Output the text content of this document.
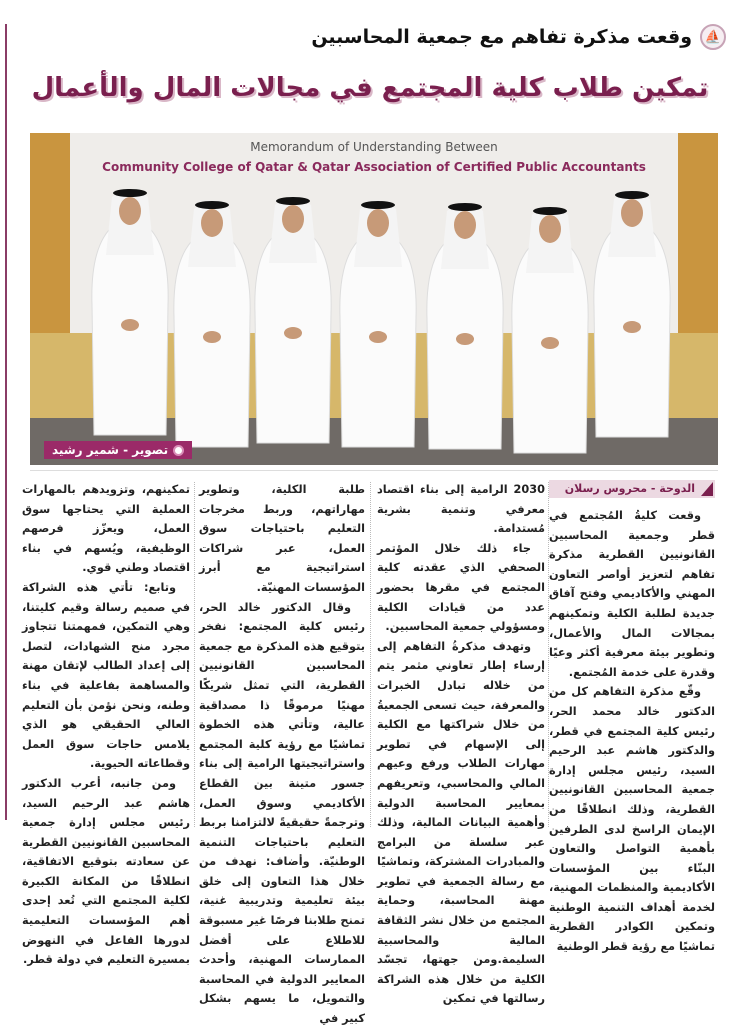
⛵
وقعت مذكرة تفاهم مع جمعية المحاسبين
تمكين طلاب كلية المجتمع في مجالات المال والأعمال
Memorandum of Understanding Between
Community College of Qatar & Qatar Association of Certified Public Accountants
تصوير - شمير رشيد
الدوحة - محروس رسلان

وقعت كليةُ المُجتمع في قطر وجمعية المحاسبين القانونيين القطرية مذكرة تفاهم لتعزيز أواصر التعاون المهني والأكاديمي وفتح آفاق جديدة لطلبة الكلية وتمكينهم بمجالات المال والأعمال، وتطوير بيئة معرفية أكثر وعيًا وقدرة على خدمة المُجتمع.

وقّع مذكرة التفاهم كل من الدكتور خالد محمد الحر، رئيس كلية المجتمع في قطر، والدكتور هاشم عبد الرحيم السيد، رئيس مجلس إدارة جمعية المحاسبين القانونيين القطرية، وذلك انطلاقًا من الإيمان الراسخ لدى الطرفين بأهمية التواصل والتعاون البنّاء بين المؤسسات الأكاديمية والمنظمات المهنية، لخدمة أهداف التنمية الوطنية وتمكين الكوادر القطرية تماشيًا مع رؤية قطر الوطنية

2030 الرامية إلى بناء اقتصاد معرفي وتنمية بشرية مُستدامة.

جاء ذلك خلال المؤتمر الصحفي الذي عقدته كلية المجتمع في مقرها بحضور عدد من قيادات الكلية ومسؤولي جمعية المحاسبين.

وتهدف مذكرةُ التفاهم إلى إرساء إطار تعاوني مثمر يتم من خلاله تبادل الخبرات والمعرفة، حيث تسعى الجمعيةُ من خلال شراكتها مع الكلية إلى الإسهام في تطوير مهارات الطلاب ورفع وعيهم المالي والمحاسبي، وتعريفهم بمعايير المحاسبة الدولية وأهمية البيانات المالية، وذلك عبر سلسلة من البرامج والمبادرات المشتركة، وتماشيًا مع رسالة الجمعية في تطوير مهنة المحاسبة، وحماية المجتمع من خلال نشر الثقافة المالية والمحاسبية السليمة.ومن جهتها، تجسّد الكلية من خلال هذه الشراكة رسالتها في تمكين

طلبة الكلية، وتطوير مهاراتهم، وربط مخرجات التعليم باحتياجات سوق العمل، عبر شراكات استراتيجية مع أبرز المؤسسات المهنيّة.

وقال الدكتور خالد الحر، رئيس كلية المجتمع: نفخر بتوقيع هذه المذكرة مع جمعية المحاسبين القانونيين القطرية، التي تمثل شريكًا مهنيًا مرموقًا ذا مصداقية عالية، وتأتي هذه الخطوة تماشيًا مع رؤية كلية المجتمع واستراتيجيتها الرامية إلى بناء جسور متينة بين القطاع الأكاديمي وسوق العمل، وترجمةً حقيقيةً لالتزامنا بربط التعليم باحتياجات التنمية الوطنيّة. وأضاف: نهدف من خلال هذا التعاون إلى خلق بيئة تعليمية وتدريبية غنية، تمنح طلابنا فرصًا غير مسبوقة للاطلاع على أفضل الممارسات المهنية، وأحدث المعايير الدولية في المحاسبة والتمويل، ما يسهم بشكل كبير في

تمكينهم، وتزويدهم بالمهارات العملية التي يحتاجها سوق العمل، ويعزّز فرصهم الوظيفية، ويُسهم في بناء اقتصاد وطني قوي.

وتابع: تأتي هذه الشراكة في صميم رسالة وقيم كليتنا، وهي التمكين، فمهمتنا تتجاوز مجرد منح الشهادات، لتصل إلى إعداد الطالب لإتقان مهنة والمساهمة بفاعلية في بناء وطنه، ونحن نؤمن بأن التعليم العالي الحقيقي هو الذي يلامس حاجات سوق العمل وقطاعاته الحيوية.

ومن جانبه، أعرب الدكتور هاشم عبد الرحيم السيد، رئيس مجلس إدارة جمعية المحاسبين القانونيين القطرية عن سعادته بتوقيع الاتفاقية، انطلاقًا من المكانة الكبيرة لكلية المجتمع التي تُعد إحدى أهم المؤسسات التعليمية لدورها الفاعل في النهوض بمسيرة التعليم في دولة قطر.
